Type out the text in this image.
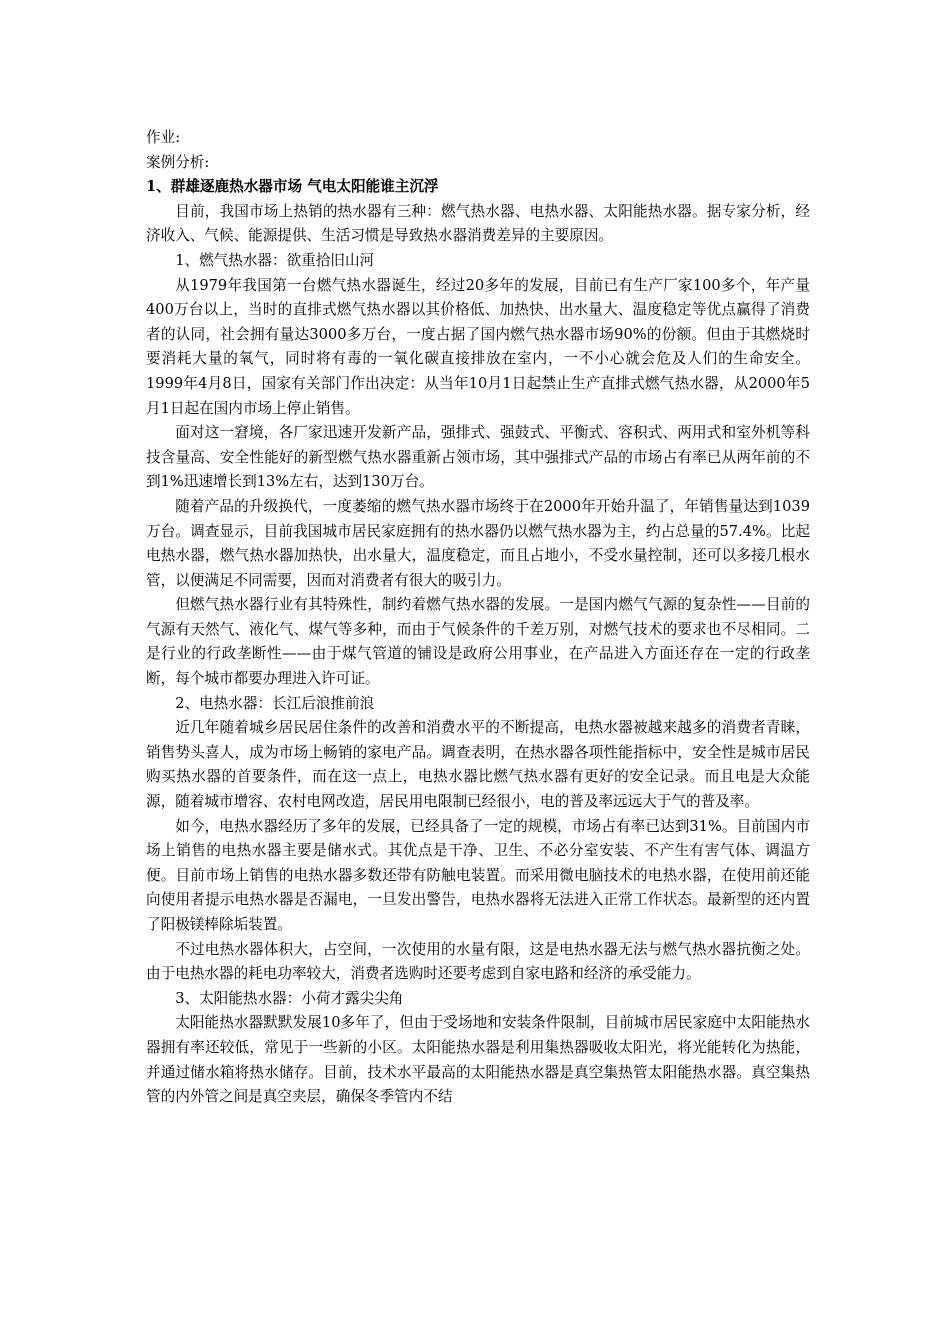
作业:
案例分析:
1、群雄逐鹿热水器市场 气电太阳能谁主沉浮

目前，我国市场上热销的热水器有三种：燃气热水器、电热水器、太阳能热水器。据专家分析，经济收入、气候、能源提供、生活习惯是导致热水器消费差异的主要原因。

1、燃气热水器：欲重拾旧山河

从1979年我国第一台燃气热水器诞生，经过20多年的发展，目前已有生产厂家100多个，年产量400万台以上，当时的直排式燃气热水器以其价格低、加热快、出水量大、温度稳定等优点赢得了消费者的认同，社会拥有量达3000多万台，一度占据了国内燃气热水器市场90%的份额。但由于其燃烧时要消耗大量的氧气，同时将有毒的一氧化碳直接排放在室内，一不小心就会危及人们的生命安全。1999年4月8日，国家有关部门作出决定：从当年10月1日起禁止生产直排式燃气热水器，从2000年5月1日起在国内市场上停止销售。

面对这一窘境，各厂家迅速开发新产品，强排式、强鼓式、平衡式、容积式、两用式和室外机等科技含量高、安全性能好的新型燃气热水器重新占领市场，其中强排式产品的市场占有率已从两年前的不到1%迅速增长到13%左右，达到130万台。

随着产品的升级换代，一度萎缩的燃气热水器市场终于在2000年开始升温了，年销售量达到1039万台。调查显示，目前我国城市居民家庭拥有的热水器仍以燃气热水器为主，约占总量的57.4%。比起电热水器，燃气热水器加热快，出水量大，温度稳定，而且占地小，不受水量控制，还可以多接几根水管，以便满足不同需要，因而对消费者有很大的吸引力。

但燃气热水器行业有其特殊性，制约着燃气热水器的发展。一是国内燃气气源的复杂性——目前的气源有天然气、液化气、煤气等多种，而由于气候条件的千差万别，对燃气技术的要求也不尽相同。二是行业的行政垄断性——由于煤气管道的铺设是政府公用事业，在产品进入方面还存在一定的行政垄断，每个城市都要办理进入许可证。

2、电热水器：长江后浪推前浪

近几年随着城乡居民居住条件的改善和消费水平的不断提高，电热水器被越来越多的消费者青睐，销售势头喜人，成为市场上畅销的家电产品。调查表明，在热水器各项性能指标中，安全性是城市居民购买热水器的首要条件，而在这一点上，电热水器比燃气热水器有更好的安全记录。而且电是大众能源，随着城市增容、农村电网改造，居民用电限制已经很小，电的普及率远远大于气的普及率。

如今，电热水器经历了多年的发展，已经具备了一定的规模，市场占有率已达到31%。目前国内市场上销售的电热水器主要是储水式。其优点是干净、卫生、不必分室安装、不产生有害气体、调温方便。目前市场上销售的电热水器多数还带有防触电装置。而采用微电脑技术的电热水器，在使用前还能向使用者提示电热水器是否漏电，一旦发出警告，电热水器将无法进入正常工作状态。最新型的还内置了阳极镁棒除垢装置。

不过电热水器体积大，占空间，一次使用的水量有限，这是电热水器无法与燃气热水器抗衡之处。由于电热水器的耗电功率较大，消费者选购时还要考虑到自家电路和经济的承受能力。

3、太阳能热水器：小荷才露尖尖角

太阳能热水器默默发展10多年了，但由于受场地和安装条件限制，目前城市居民家庭中太阳能热水器拥有率还较低，常见于一些新的小区。太阳能热水器是利用集热器吸收太阳光，将光能转化为热能，并通过储水箱将热水储存。目前，技术水平最高的太阳能热水器是真空集热管太阳能热水器。真空集热管的内外管之间是真空夹层，确保冬季管内不结
